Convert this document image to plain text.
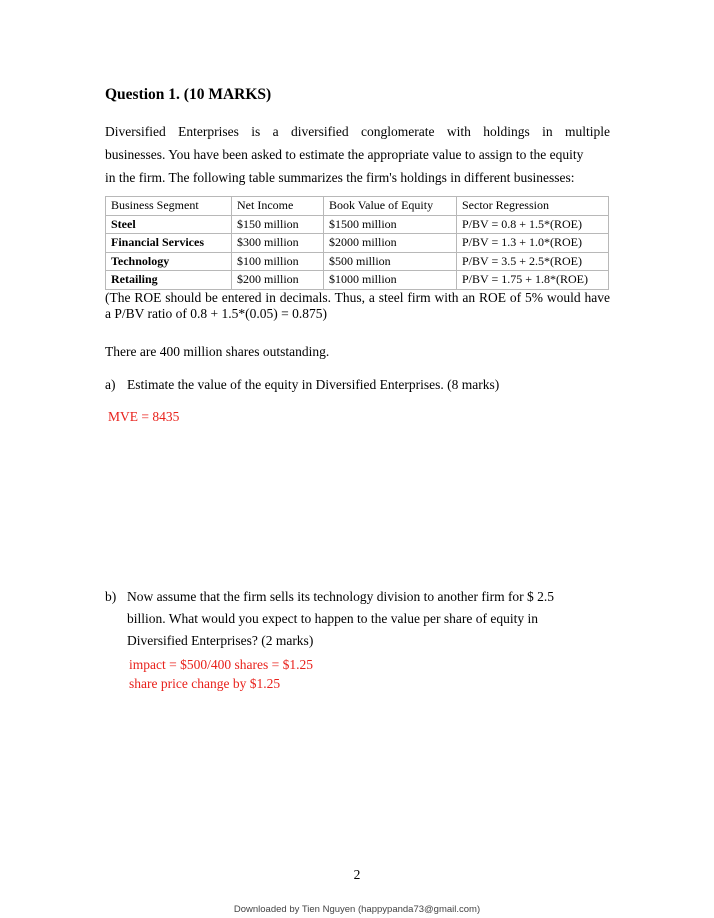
Question 1. (10 MARKS)
Diversified Enterprises is a diversified conglomerate with holdings in multiple
businesses. You have been asked to estimate the appropriate value to assign to the equity
in the firm. The following table summarizes the firm's holdings in different businesses:
Business Segment	Net Income	Book Value of Equity	Sector Regression
Steel	$150 million	$1500 million	P/BV = 0.8 + 1.5*(ROE)
Financial Services	$300 million	$2000 million	P/BV = 1.3 + 1.0*(ROE)
Technology	$100 million	$500 million	P/BV = 3.5 + 2.5*(ROE)
Retailing	$200 million	$1000 million	P/BV = 1.75 + 1.8*(ROE)
(The ROE should be entered in decimals. Thus, a steel firm with an ROE of 5% would have a P/BV ratio of 0.8 + 1.5*(0.05) = 0.875)
There are 400 million shares outstanding.
a) Estimate the value of the equity in Diversified Enterprises. (8 marks)
MVE = 8435
b) Now assume that the firm sells its technology division to another firm for $ 2.5
billion. What would you expect to happen to the value per share of equity in
Diversified Enterprises? (2 marks)
impact = $500/400 shares = $1.25
share price change by $1.25
2
Downloaded by Tien Nguyen (happypanda73@gmail.com)
